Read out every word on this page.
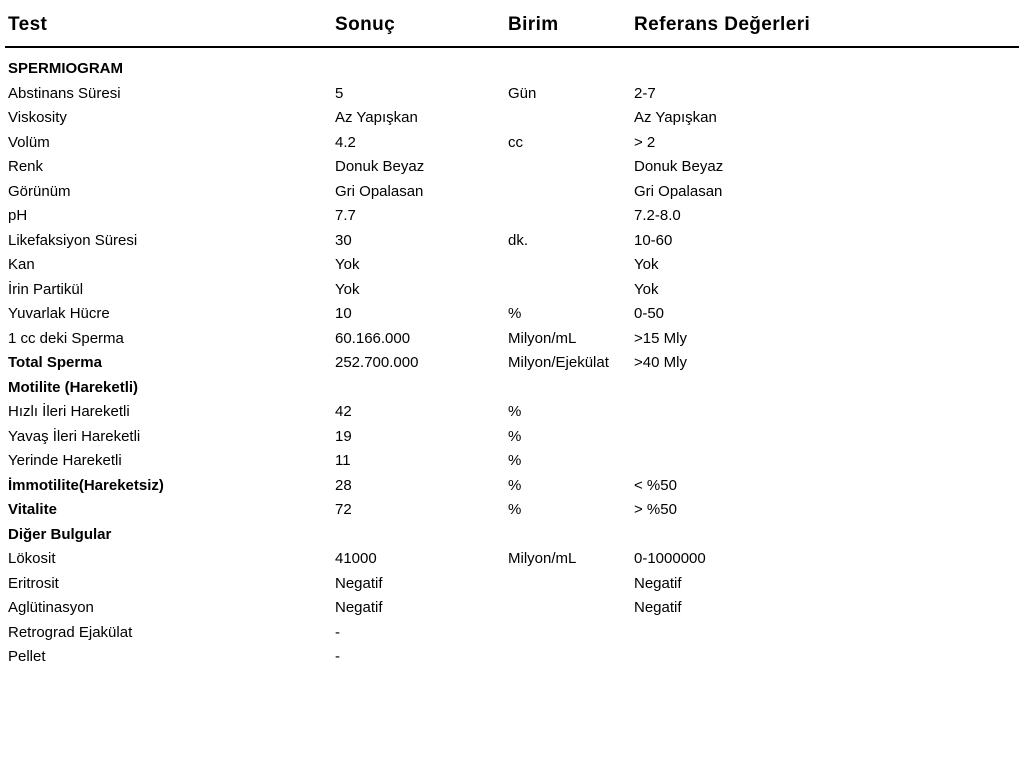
Test	Sonuç	Birim	Referans Değerleri
SPERMIOGRAM			
Abstinans Süresi	5	Gün	2-7
Viskosity	Az Yapışkan		Az Yapışkan
Volüm	4.2	cc	> 2
Renk	Donuk Beyaz		Donuk Beyaz
Görünüm	Gri Opalasan		Gri Opalasan
pH	7.7		7.2-8.0
Likefaksiyon Süresi	30	dk.	10-60
Kan	Yok		Yok
İrin Partikül	Yok		Yok
Yuvarlak Hücre	10	%	0-50
1 cc deki Sperma	60.166.000	Milyon/mL	>15 Mly
Total Sperma	252.700.000	Milyon/Ejekülat	>40 Mly
Motilite (Hareketli)			
Hızlı İleri Hareketli	42	%	
Yavaş İleri Hareketli	19	%	
Yerinde Hareketli	11	%	
İmmotilite(Hareketsiz)	28	%	< %50
Vitalite	72	%	> %50
Diğer Bulgular			
Lökosit	41000	Milyon/mL	0-1000000
Eritrosit	Negatif		Negatif
Aglütinasyon	Negatif		Negatif
Retrograd Ejakülat	-		
Pellet	-		
